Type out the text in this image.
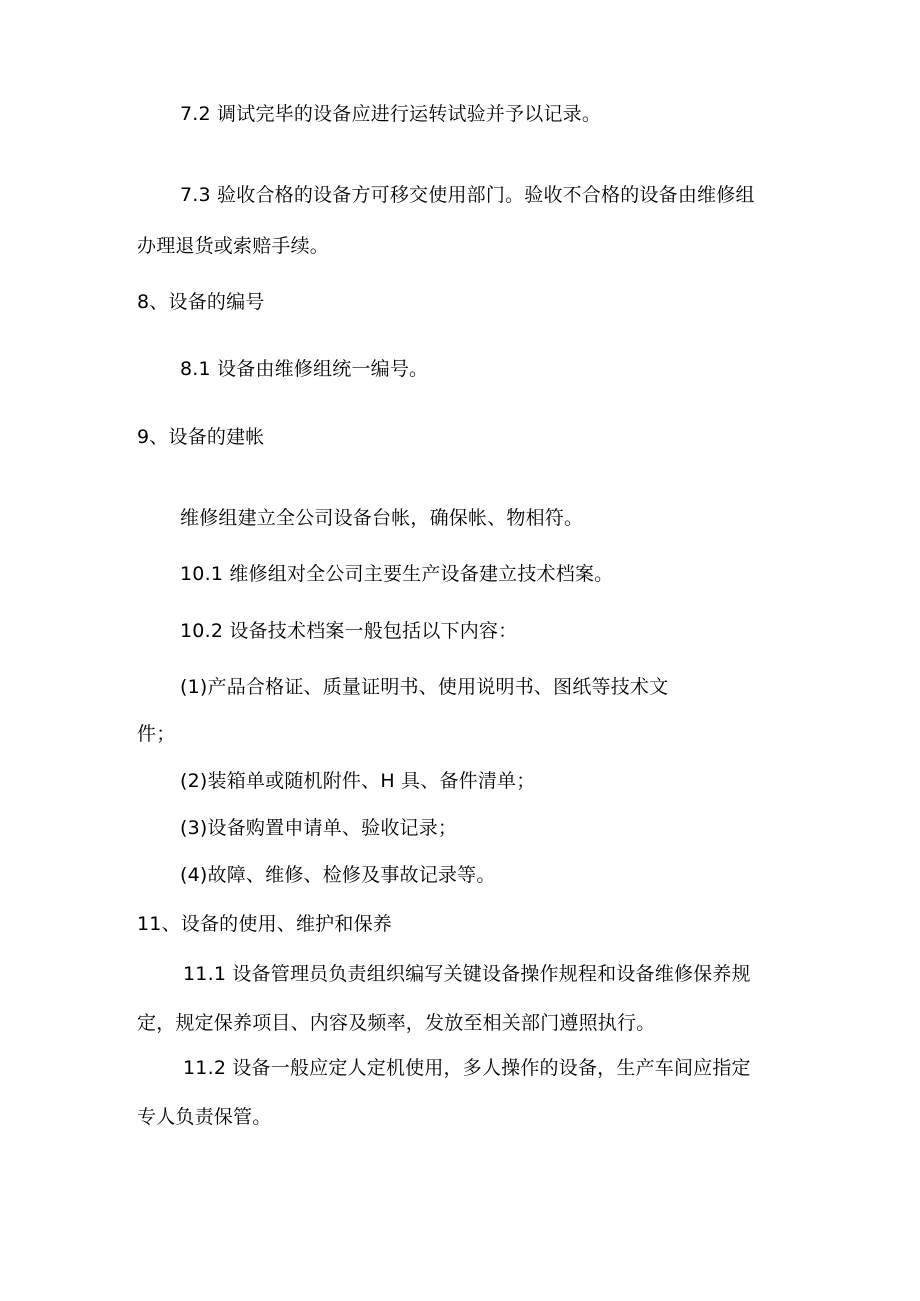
7.2 调试完毕的设备应进行运转试验并予以记录。
7.3 验收合格的设备方可移交使用部门。验收不合格的设备由维修组
办理退货或索赔手续。
8、设备的编号
8.1 设备由维修组统一编号。
9、设备的建帐
维修组建立全公司设备台帐，确保帐、物相符。
10.1 维修组对全公司主要生产设备建立技术档案。
10.2 设备技术档案一般包括以下内容：
(1)产品合格证、质量证明书、使用说明书、图纸等技术文
件；
(2)装箱单或随机附件、H 具、备件清单；
(3)设备购置申请单、验收记录；
(4)故障、维修、检修及事故记录等。
11、设备的使用、维护和保养
11.1 设备管理员负责组织编写关键设备操作规程和设备维修保养规
定，规定保养项目、内容及频率，发放至相关部门遵照执行。
11.2 设备一般应定人定机使用，多人操作的设备，生产车间应指定
专人负责保管。
